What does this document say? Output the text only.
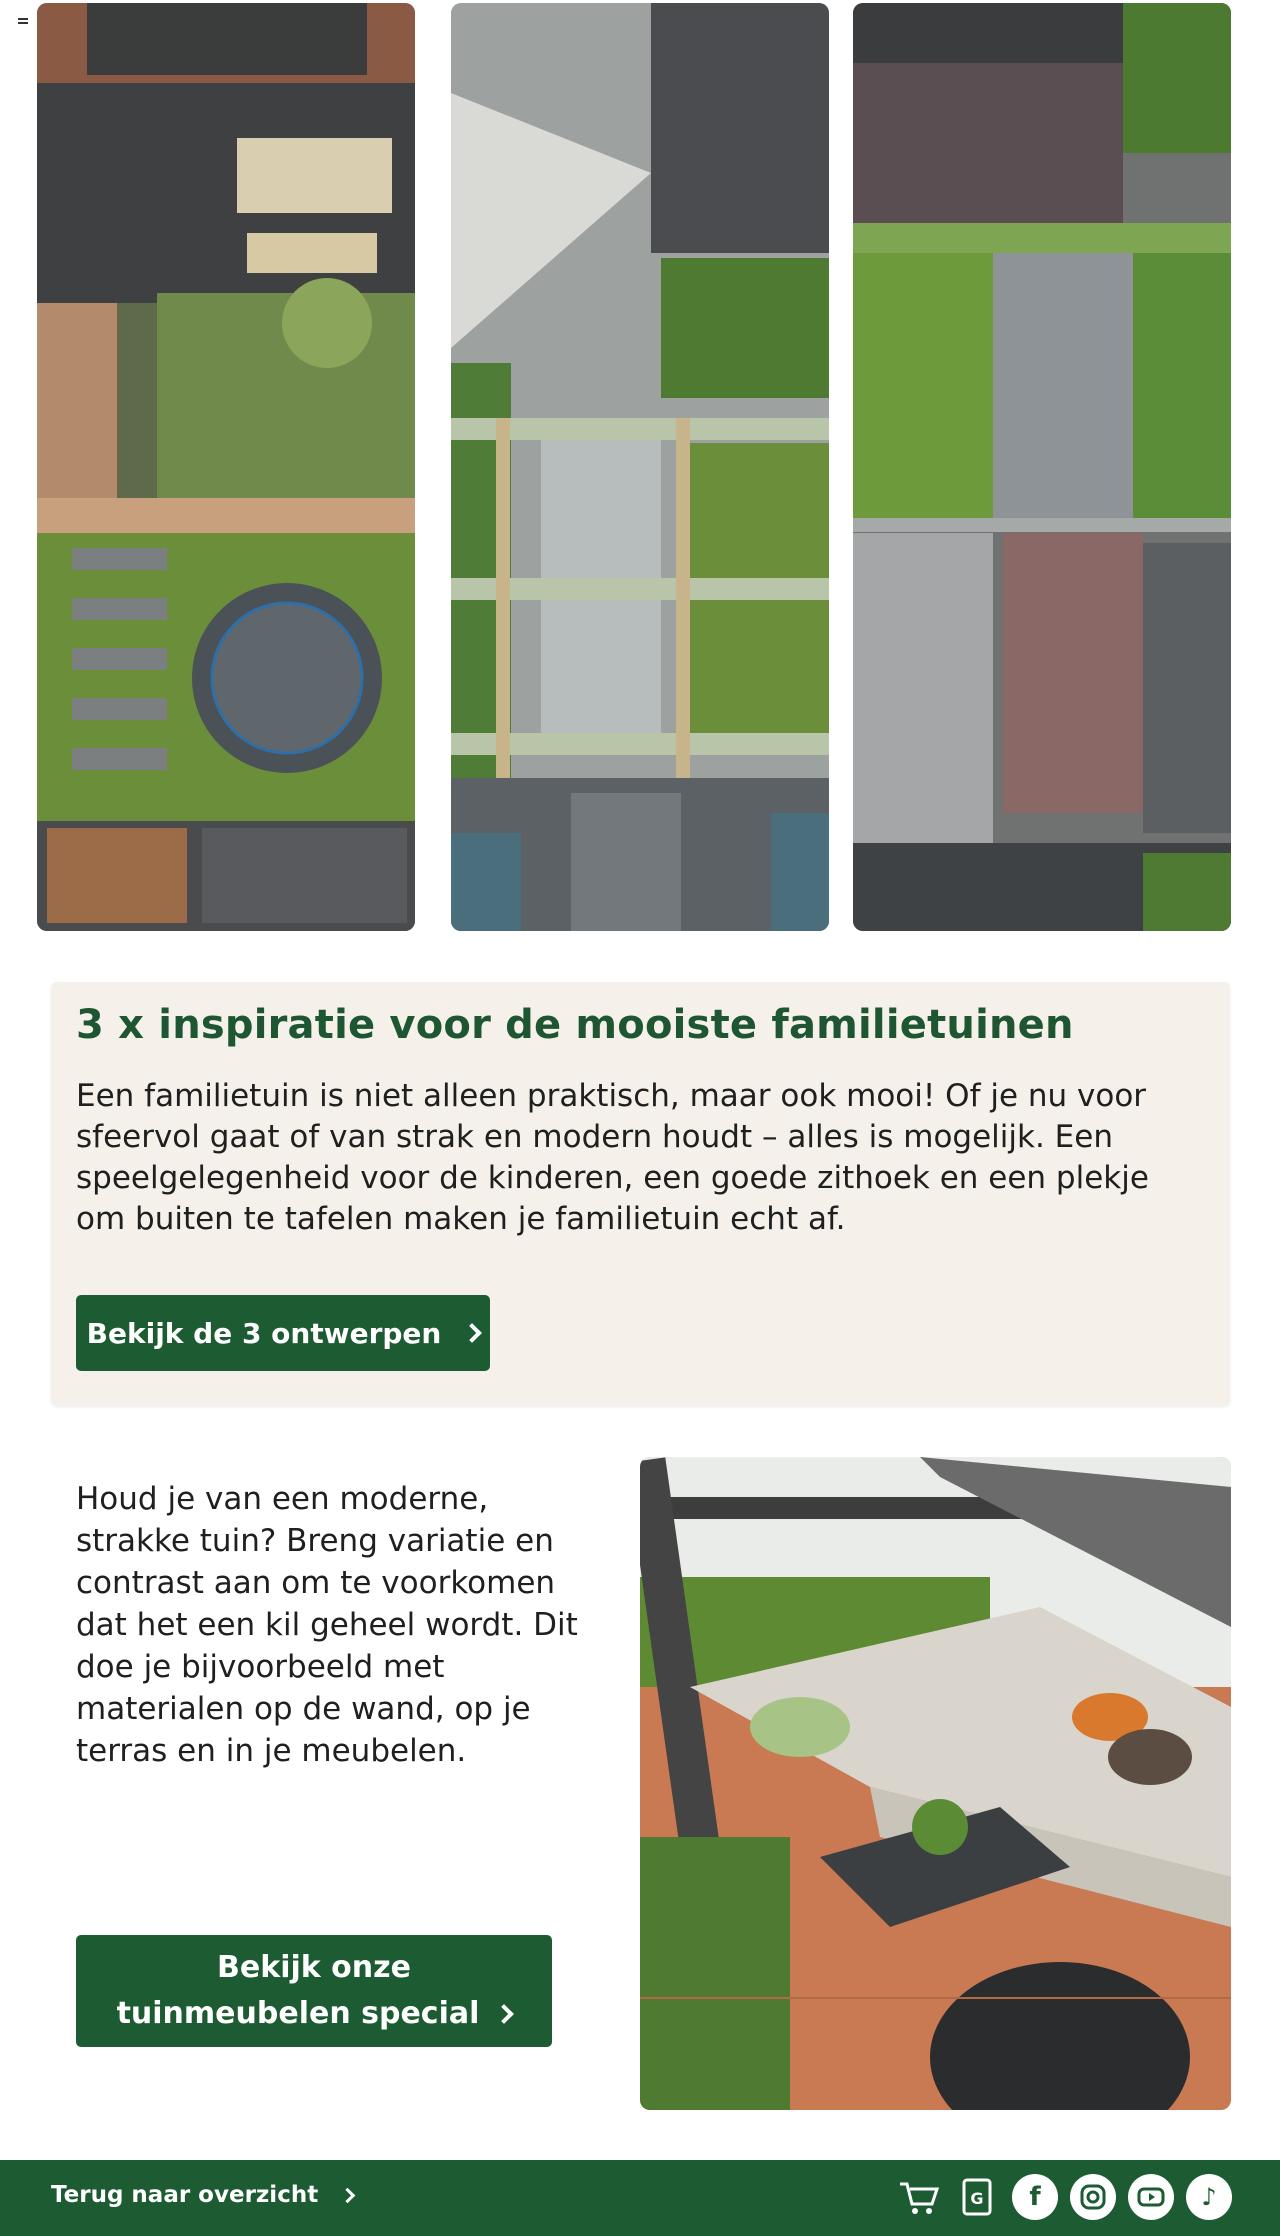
3 x inspiratie voor de mooiste familietuinen

Een familietuin is niet alleen praktisch, maar ook mooi! Of je nu voor sfeervol gaat of van strak en modern houdt – alles is mogelijk. Een speelgelegenheid voor de kinderen, een goede zithoek en een plekje om buiten te tafelen maken je familietuin echt af.

Bekijk de 3 ontwerpen

Houd je van een moderne, strakke tuin? Breng variatie en contrast aan om te voorkomen dat het een kil geheel wordt. Dit doe je bijvoorbeeld met materialen op de wand, op je terras en in je meubelen.

Bekijk onze
tuinmeubelen special
Terug naar overzicht	G f	♪
